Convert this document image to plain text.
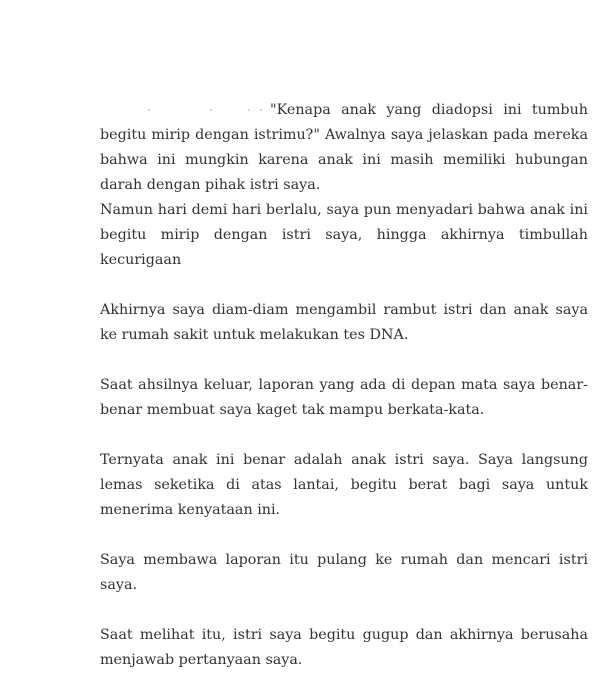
"Kenapa anak yang diadopsi ini tumbuh begitu mirip dengan istrimu?" Awalnya saya jelaskan pada mereka bahwa ini mungkin karena anak ini masih memiliki hubungan darah dengan pihak istri saya.

Namun hari demi hari berlalu, saya pun menyadari bahwa anak ini begitu mirip dengan istri saya, hingga akhirnya timbullah kecurigaan

Akhirnya saya diam-diam mengambil rambut istri dan anak saya ke rumah sakit untuk melakukan tes DNA.

Saat ahsilnya keluar, laporan yang ada di depan mata saya benar-benar membuat saya kaget tak mampu berkata-kata.

Ternyata anak ini benar adalah anak istri saya. Saya langsung lemas seketika di atas lantai, begitu berat bagi saya untuk menerima kenyataan ini.

Saya membawa laporan itu pulang ke rumah dan mencari istri saya.

Saat melihat itu, istri saya begitu gugup dan akhirnya berusaha menjawab pertanyaan saya.
